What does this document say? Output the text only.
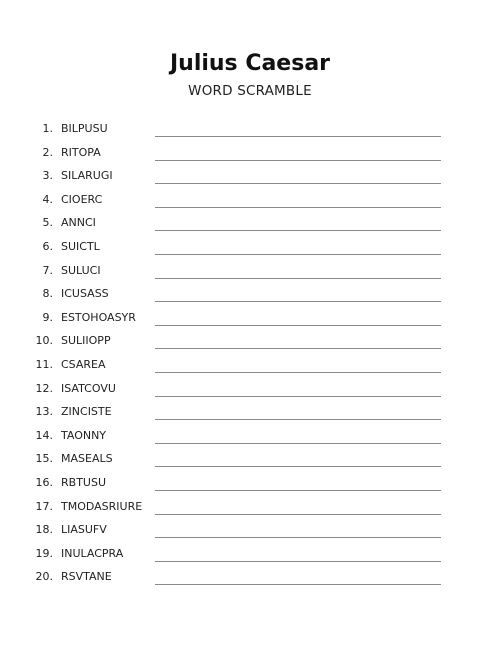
Julius Caesar
WORD SCRAMBLE
1. BILPUSU
2. RITOPA
3. SILARUGI
4. CIOERC
5. ANNCI
6. SUICTL
7. SULUCI
8. ICUSASS
9. ESTOHOASYR
10. SULIIOPP
11. CSAREA
12. ISATCOVU
13. ZINCISTE
14. TAONNY
15. MASEALS
16. RBTUSU
17. TMODASRIURE
18. LIASUFV
19. INULACPRA
20. RSVTANE
